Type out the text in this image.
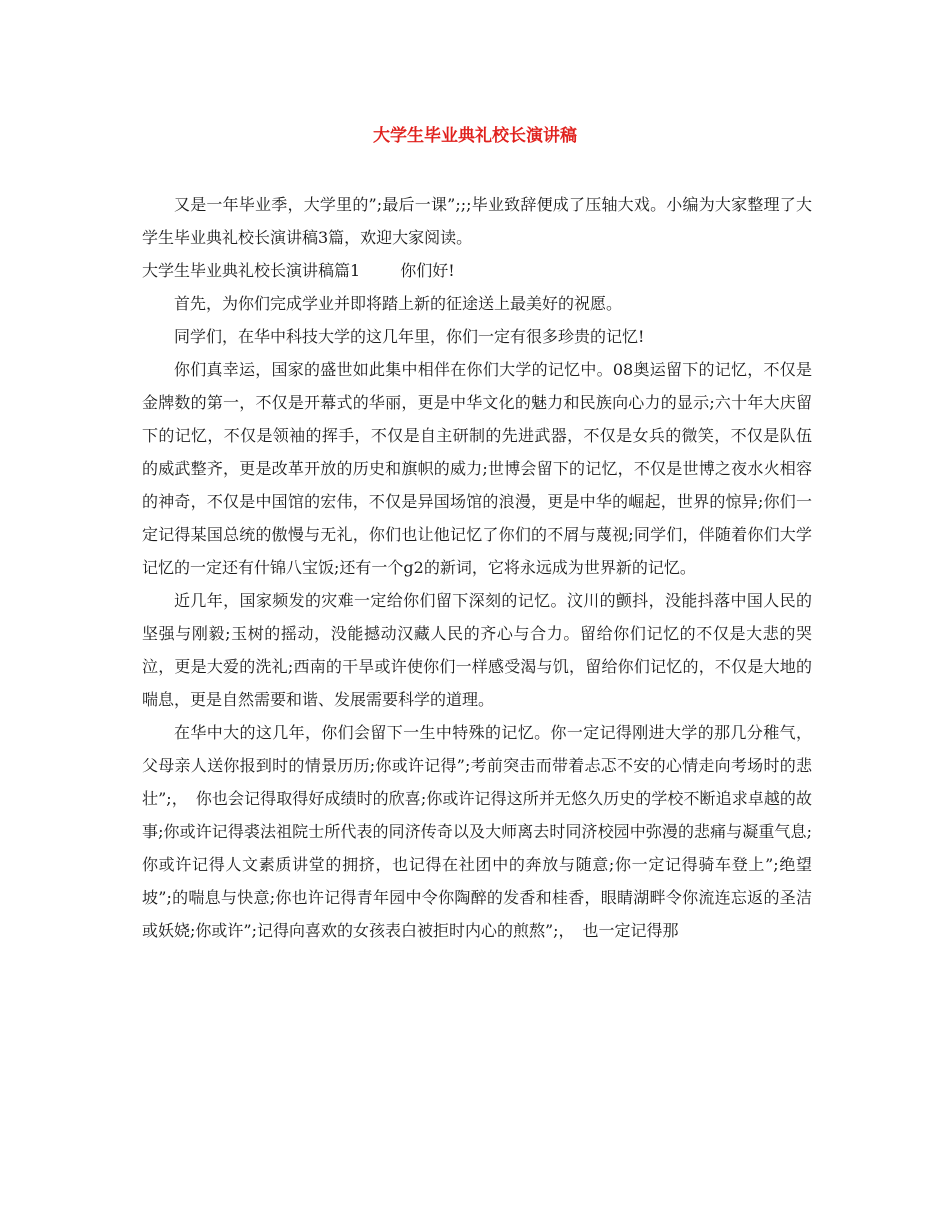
大学生毕业典礼校长演讲稿

又是一年毕业季，大学里的”;最后一课”;;;毕业致辞便成了压轴大戏。小编为大家整理了大学生毕业典礼校长演讲稿3篇，欢迎大家阅读。

大学生毕业典礼校长演讲稿篇1	你们好!

首先，为你们完成学业并即将踏上新的征途送上最美好的祝愿。

同学们，在华中科技大学的这几年里，你们一定有很多珍贵的记忆!

你们真幸运，国家的盛世如此集中相伴在你们大学的记忆中。08奥运留下的记忆，不仅是金牌数的第一，不仅是开幕式的华丽，更是中华文化的魅力和民族向心力的显示;六十年大庆留下的记忆，不仅是领袖的挥手，不仅是自主研制的先进武器，不仅是女兵的微笑，不仅是队伍的威武整齐，更是改革开放的历史和旗帜的威力;世博会留下的记忆，不仅是世博之夜水火相容的神奇，不仅是中国馆的宏伟，不仅是异国场馆的浪漫，更是中华的崛起，世界的惊异;你们一定记得某国总统的傲慢与无礼，你们也让他记忆了你们的不屑与蔑视;同学们，伴随着你们大学记忆的一定还有什锦八宝饭;还有一个g2的新词，它将永远成为世界新的记忆。

近几年，国家频发的灾难一定给你们留下深刻的记忆。汶川的颤抖，没能抖落中国人民的坚强与刚毅;玉树的摇动，没能撼动汉藏人民的齐心与合力。留给你们记忆的不仅是大悲的哭泣，更是大爱的洗礼;西南的干旱或许使你们一样感受渴与饥，留给你们记忆的，不仅是大地的喘息，更是自然需要和谐、发展需要科学的道理。

在华中大的这几年，你们会留下一生中特殊的记忆。你一定记得刚进大学的那几分稚气，父母亲人送你报到时的情景历历;你或许记得”;考前突击而带着忐忑不安的心情走向考场时的悲壮”;，　你也会记得取得好成绩时的欣喜;你或许记得这所并无悠久历史的学校不断追求卓越的故事;你或许记得裘法祖院士所代表的同济传奇以及大师离去时同济校园中弥漫的悲痛与凝重气息;你或许记得人文素质讲堂的拥挤，也记得在社团中的奔放与随意;你一定记得骑车登上”;绝望坡”;的喘息与快意;你也许记得青年园中令你陶醉的发香和桂香，眼睛湖畔令你流连忘返的圣洁或妖娆;你或许”;记得向喜欢的女孩表白被拒时内心的煎熬”;，　也一定记得那
